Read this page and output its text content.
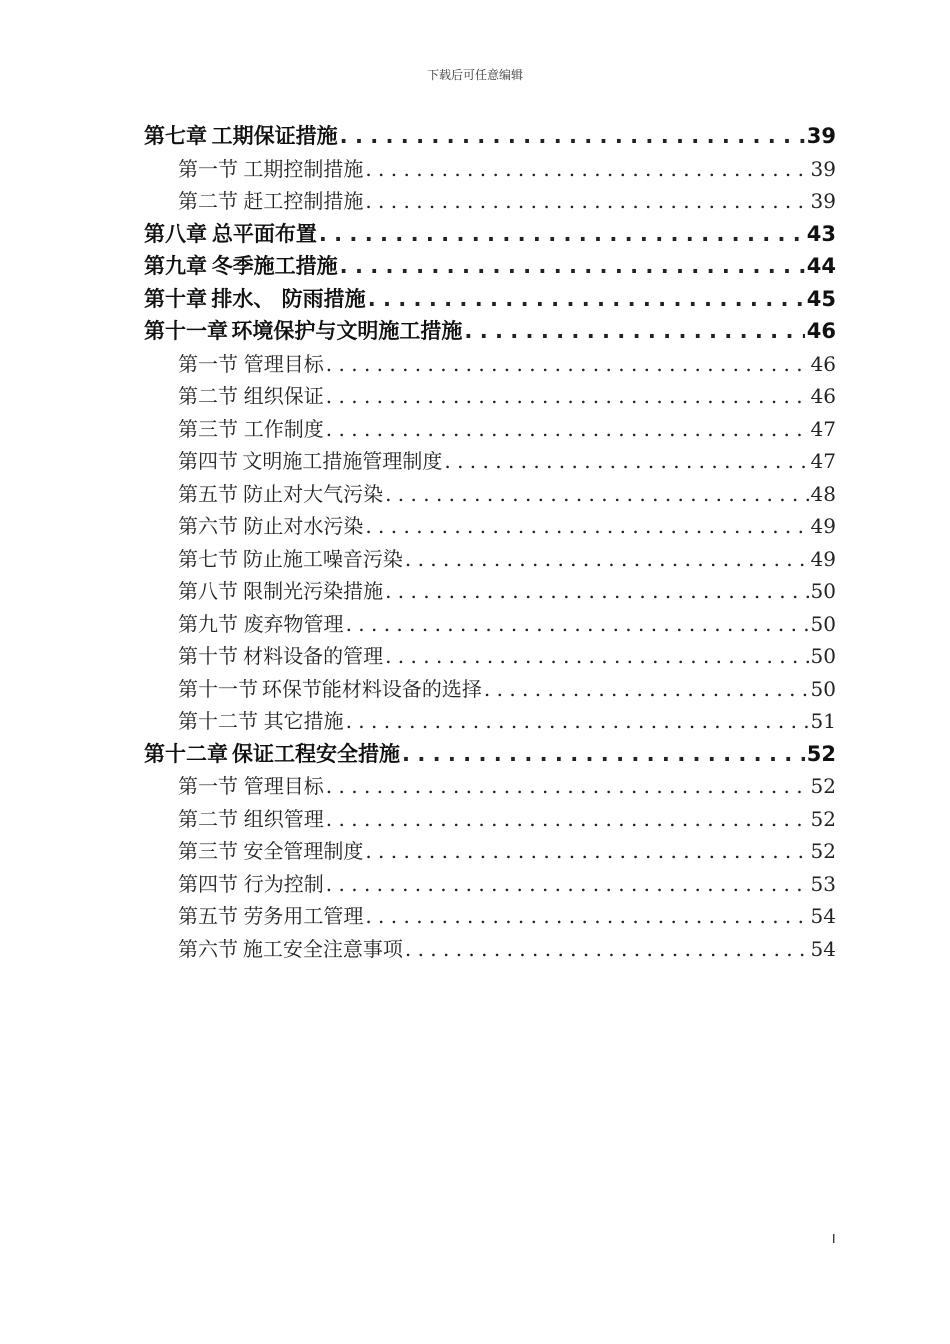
下载后可任意编辑
第七章 工期保证措施 . . .	39
第一节 工期控制措施 . . .	39
第二节 赶工控制措施 . . .	39
第八章 总平面布置 . . .	43
第九章 冬季施工措施 . . .	44
第十章 排水、 防雨措施 . . .	45
第十一章 环境保护与文明施工措施 . . .	46
第一节 管理目标 . . .	46
第二节 组织保证 . . .	46
第三节 工作制度 . . .	47
第四节 文明施工措施管理制度 . . .	47
第五节 防止对大气污染 . . .	48
第六节 防止对水污染 . . .	49
第七节 防止施工噪音污染 . . .	49
第八节 限制光污染措施 . . .	50
第九节 废弃物管理 . . .	50
第十节 材料设备的管理 . . .	50
第十一节 环保节能材料设备的选择 . . .	50
第十二节 其它措施 . . .	51
第十二章 保证工程安全措施 . . .	52
第一节 管理目标 . . .	52
第二节 组织管理 . . .	52
第三节 安全管理制度 . . .	52
第四节 行为控制 . . .	53
第五节 劳务用工管理 . . .	54
第六节 施工安全注意事项 . . .	54
I
